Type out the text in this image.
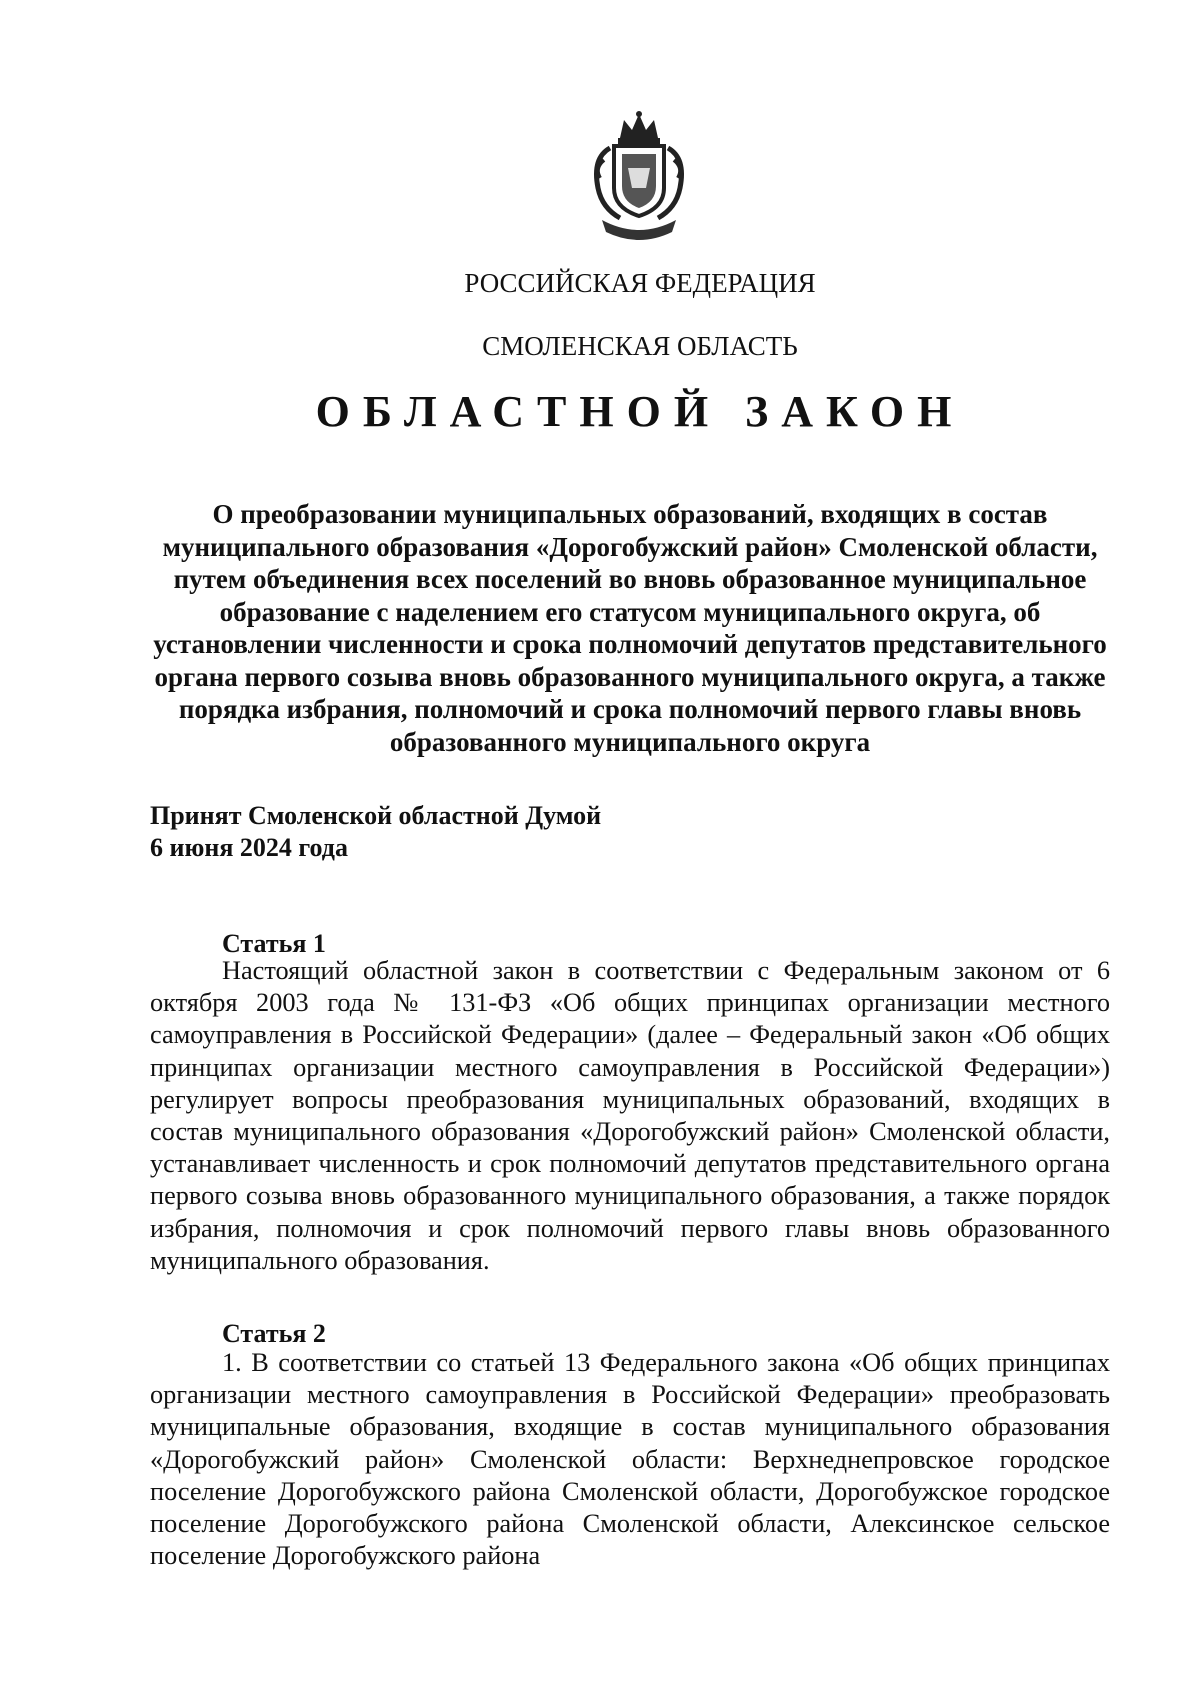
РОССИЙСКАЯ ФЕДЕРАЦИЯ
СМОЛЕНСКАЯ ОБЛАСТЬ
ОБЛАСТНОЙ ЗАКОН
О преобразовании муниципальных образований, входящих в состав муниципального образования «Дорогобужский район» Смоленской области, путем объединения всех поселений во вновь образованное муниципальное образование с наделением его статусом муниципального округа, об установлении численности и срока полномочий депутатов представительного органа первого созыва вновь образованного муниципального округа, а также порядка избрания, полномочий и срока полномочий первого главы вновь образованного муниципального округа
Принят Смоленской областной Думой
6 июня 2024 года
Статья 1

Настоящий областной закон в соответствии с Федеральным законом от 6 октября 2003 года № 131-ФЗ «Об общих принципах организации местного самоуправления в Российской Федерации» (далее – Федеральный закон «Об общих принципах организации местного самоуправления в Российской Федерации») регулирует вопросы преобразования муниципальных образований, входящих в состав муниципального образования «Дорогобужский район» Смоленской области, устанавливает численность и срок полномочий депутатов представительного органа первого созыва вновь образованного муниципального образования, а также порядок избрания, полномочия и срок полномочий первого главы вновь образованного муниципального образования.

Статья 2

1. В соответствии со статьей 13 Федерального закона «Об общих принципах организации местного самоуправления в Российской Федерации» преобразовать муниципальные образования, входящие в состав муниципального образования «Дорогобужский район» Смоленской области: Верхнеднепровское городское поселение Дорогобужского района Смоленской области, Дорогобужское городское поселение Дорогобужского района Смоленской области, Алексинское сельское поселение Дорогобужского района
